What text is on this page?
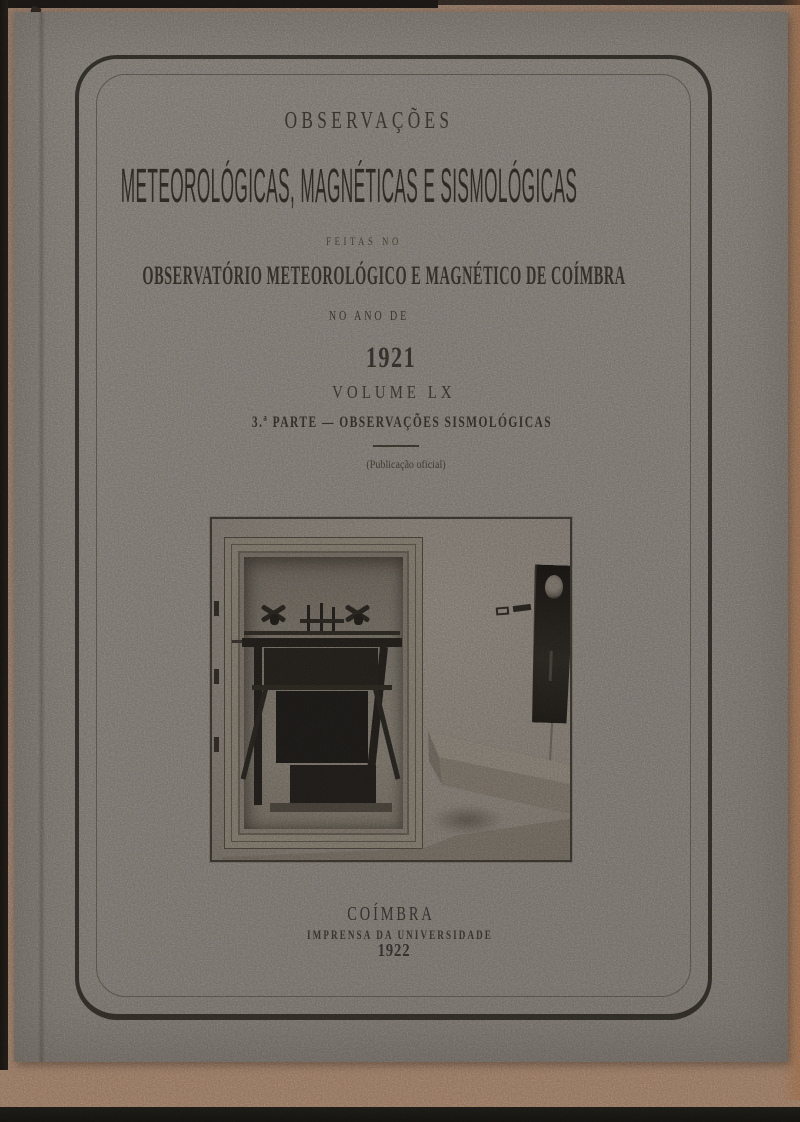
OBSERVAÇÕES
METEOROLÓGICAS, MAGNÉTICAS E SISMOLÓGICAS
FEITAS NO
OBSERVATÓRIO METEOROLÓGICO E MAGNÉTICO DE COÍMBRA
NO ANO DE
1921
VOLUME LX
3.ª PARTE — OBSERVAÇÕES SISMOLÓGICAS
(Publicação oficial)
COÍMBRA
IMPRENSA DA UNIVERSIDADE
1922
